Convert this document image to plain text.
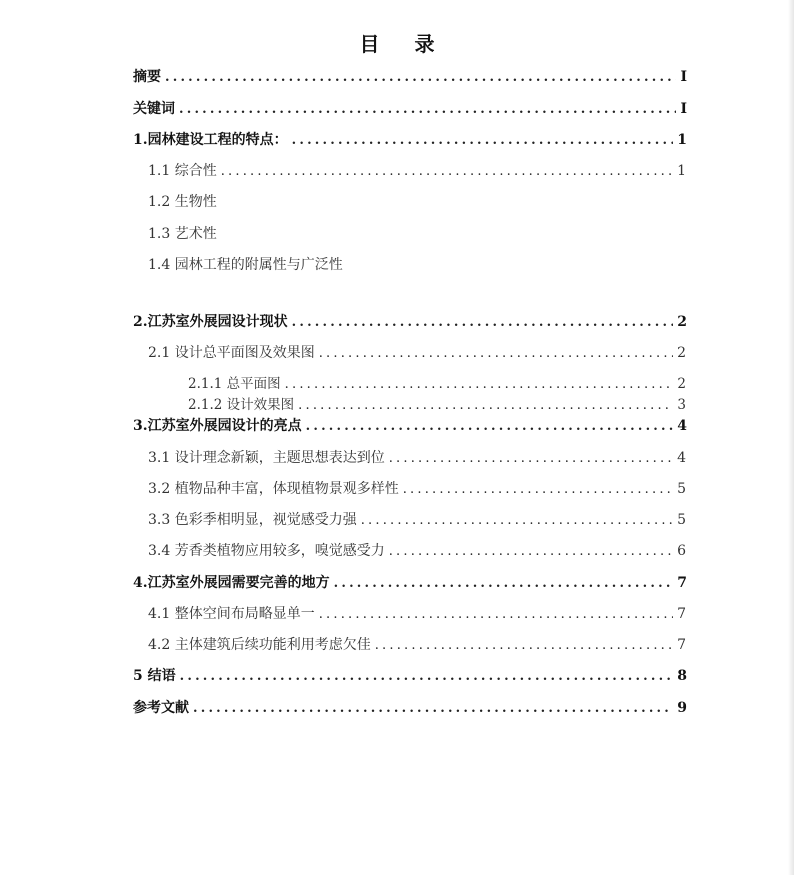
目 录
摘要 .....	I
关键词 .....	I
1.园林建设工程的特点： .....	1
1.1 综合性 .....	1
1.2 生物性
1.3 艺术性
1.4 园林工程的附属性与广泛性
2.江苏室外展园设计现状 .....	2
2.1 设计总平面图及效果图 .....	2
2.1.1 总平面图 .....	2
2.1.2 设计效果图 .....	3
3.江苏室外展园设计的亮点 .....	4
3.1 设计理念新颖，主题思想表达到位 .....	4
3.2 植物品种丰富，体现植物景观多样性 .....	5
3.3 色彩季相明显，视觉感受力强 .....	5
3.4 芳香类植物应用较多，嗅觉感受力 .....	6
4.江苏室外展园需要完善的地方 .....	7
4.1 整体空间布局略显单一 .....	7
4.2 主体建筑后续功能利用考虑欠佳 .....	7
5 结语 .....	8
参考文献 .....	9
